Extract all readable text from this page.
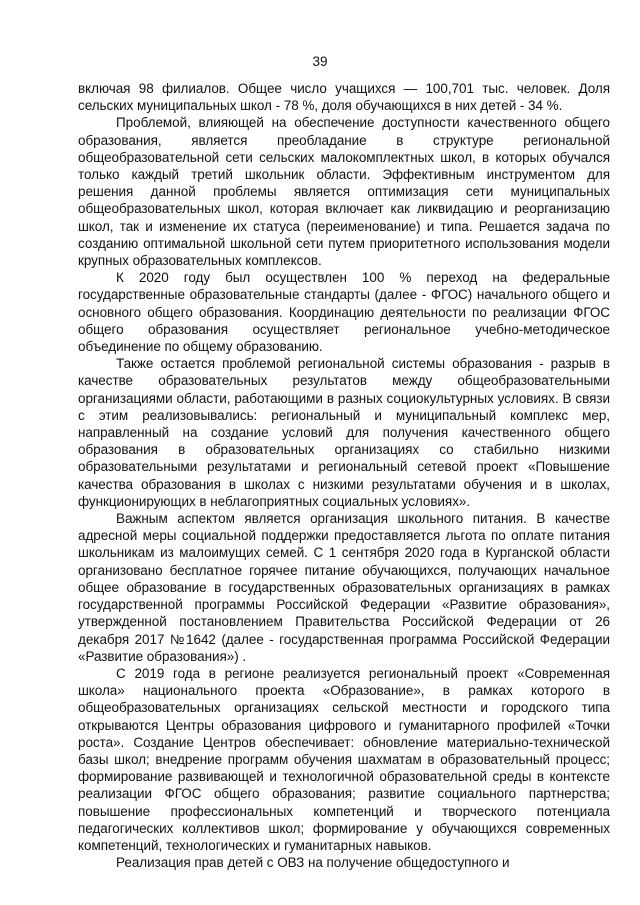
39

включая 98 филиалов. Общее число учащихся — 100,701 тыс. человек. Доля сельских муниципальных школ - 78 %, доля обучающихся в них детей - 34 %.

Проблемой, влияющей на обеспечение доступности качественного общего образования, является преобладание в структуре региональной общеобразовательной сети сельских малокомплектных школ, в которых обучался только каждый третий школьник области. Эффективным инструментом для решения данной проблемы является оптимизация сети муниципальных общеобразовательных школ, которая включает как ликвидацию и реорганизацию школ, так и изменение их статуса (переименование) и типа. Решается задача по созданию оптимальной школьной сети путем приоритетного использования модели крупных образовательных комплексов.

К 2020 году был осуществлен 100 % переход на федеральные государственные образовательные стандарты (далее - ФГОС) начального общего и основного общего образования. Координацию деятельности по реализации ФГОС общего образования осуществляет региональное учебно-методическое объединение по общему образованию.

Также остается проблемой региональной системы образования - разрыв в качестве образовательных результатов между общеобразовательными организациями области, работающими в разных социокультурных условиях. В связи с этим реализовывались: региональный и муниципальный комплекс мер, направленный на создание условий для получения качественного общего образования в образовательных организациях со стабильно низкими образовательными результатами и региональный сетевой проект «Повышение качества образования в школах с низкими результатами обучения и в школах, функционирующих в неблагоприятных социальных условиях».

Важным аспектом является организация школьного питания. В качестве адресной меры социальной поддержки предоставляется льгота по оплате питания школьникам из малоимущих семей. С 1 сентября 2020 года в Курганской области организовано бесплатное горячее питание обучающихся, получающих начальное общее образование в государственных образовательных организациях в рамках государственной программы Российской Федерации «Развитие образования», утвержденной постановлением Правительства Российской Федерации от 26 декабря 2017 №1642 (далее - государственная программа Российской Федерации «Развитие образования») .

С 2019 года в регионе реализуется региональный проект «Современная школа» национального проекта «Образование», в рамках которого в общеобразовательных организациях сельской местности и городского типа открываются Центры образования цифрового и гуманитарного профилей «Точки роста». Создание Центров обеспечивает: обновление материально-технической базы школ; внедрение программ обучения шахматам в образовательный процесс; формирование развивающей и технологичной образовательной среды в контексте реализации ФГОС общего образования; развитие социального партнерства; повышение профессиональных компетенций и творческого потенциала педагогических коллективов школ; формирование у обучающихся современных компетенций, технологических и гуманитарных навыков.

Реализация прав детей с ОВЗ на получение общедоступного и
